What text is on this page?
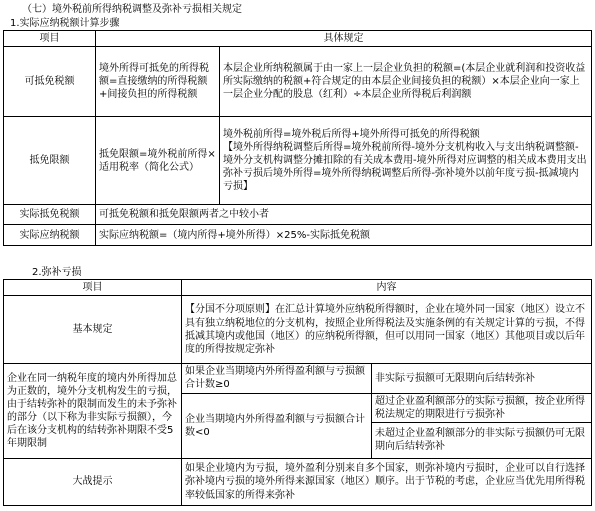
（七）境外税前所得纳税调整及弥补亏损相关规定
1.实际应纳税额计算步骤
项目	具体规定	
可抵免税额	境外所得可抵免的所得税额=直接缴纳的所得税额+间接负担的所得税额	本层企业所纳税额属于由一家上一层企业负担的税额=(本层企业就利润和投资收益所实际缴纳的税额+符合规定的由本层企业间接负担的税额）×本层企业向一家上一层企业分配的股息（红利）÷本层企业所得税后利润额
抵免限额	抵免限额=境外税前所得×适用税率（简化公式）	境外税前所得=境外税后所得+境外所得可抵免的所得税额
【境外所得纳税调整后所得=境外税前所得-境外分支机构收入与支出纳税调整额-境外分支机构调整分摊扣除的有关成本费用-境外所得对应调整的相关成本费用支出
弥补亏损后境外所得=境外所得纳税调整后所得-弥补境外以前年度亏损-抵减境内亏损】

实际抵免税额	可抵免税额和抵免限额两者之中较小者	
实际应纳税额	实际应纳税额=（境内所得+境外所得）×25%-实际抵免税额	
2.弥补亏损
项目	内容	
基本规定	【分国不分项原则】在汇总计算境外应纳税所得额时，企业在境外同一国家（地区）设立不具有独立纳税地位的分支机构，按照企业所得税法及实施条例的有关规定计算的亏损，不得抵减其境内或他国（地区）的应纳税所得额，但可以用同一国家（地区）其他项目或以后年度的所得按规定弥补	
企业在同一纳税年度的境内外所得加总为正数的，境外分支机构发生的亏损，由于结转弥补的限制而发生的未予弥补的部分（以下称为非实际亏损额），今后在该分支机构的结转弥补期限不受5年期限制	如果企业当期境内外所得盈利额与亏损额合计数≥0	非实际亏损额可无限期向后结转弥补
	企业当期境内外所得盈利额与亏损额合计数<0	超过企业盈利额部分的实际亏损额，按企业所得税法规定的期限进行亏损弥补
		未超过企业盈利额部分的非实际亏损额仍可无限期向后结转弥补
大战提示	如果企业境内为亏损，境外盈利分别来自多个国家，则弥补境内亏损时，企业可以自行选择弥补境内亏损的境外所得来源国家（地区）顺序。出于节税的考虑，企业应当优先用所得税率较低国家的所得来弥补	
